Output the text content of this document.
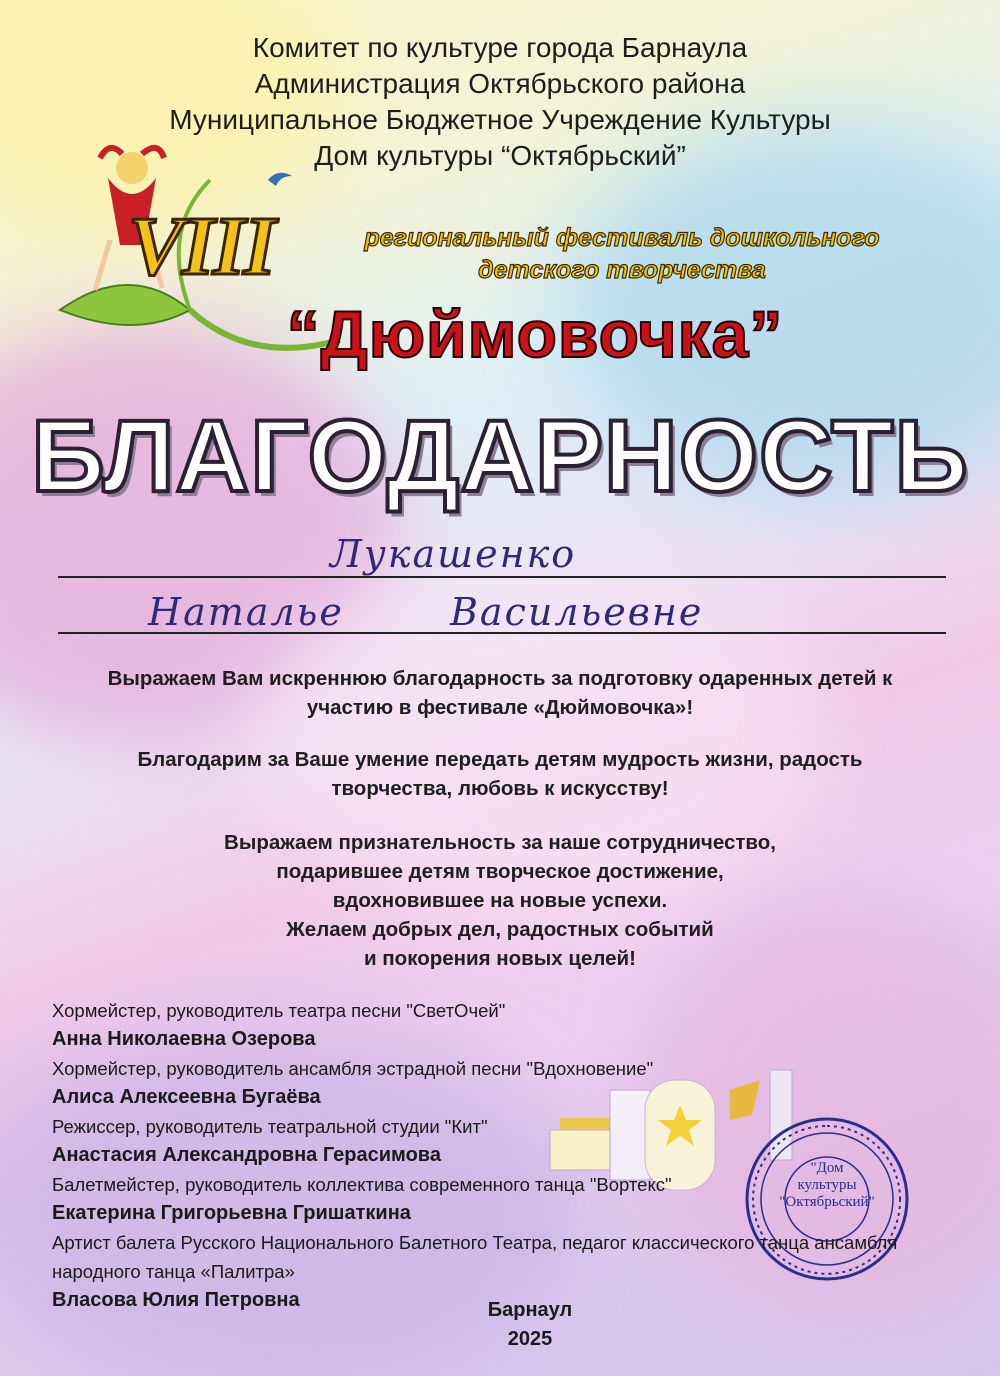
Комитет по культуре города Барнаула
Администрация Октябрьского района
Муниципальное Бюджетное Учреждение Культуры
Дом культуры “Октябрьский”
VIII	региональный фестиваль дошкольного
детского творчества
“Дюймовочка”
БЛАГОДАРНОСТЬ
Лукашенко
Натальe	Васильевне
Выражаем Вам искреннюю благодарность за подготовку одаренных детей к
участию в фестивале «Дюймовочка»!
Благодарим за Ваше умение передать детям мудрость жизни, радость
творчества, любовь к искусству!
Выражаем признательность за наше сотрудничество,
подарившее детям творческое достижение,
вдохновившее на новые успехи.
Желаем добрых дел, радостных событий
и покорения новых целей!
"Дом
культуры
"Октябрьский"
Хормейстер, руководитель театра песни "СветОчей"
Анна Николаевна Озерова
Хормейстер, руководитель ансамбля эстрадной песни "Вдохновение"
Алиса Алексеевна Бугаёва
Режиссер, руководитель театральной студии "Кит"
Анастасия Александровна Герасимова
Балетмейстер, руководитель коллектива современного танца "Вортекс"
Екатерина Григорьевна Гришаткина
Артист балета Русского Национального Балетного Театра, педагог классического танца ансамбля
народного танца «Палитра»
Власова Юлия Петровна	Барнаул
2025
